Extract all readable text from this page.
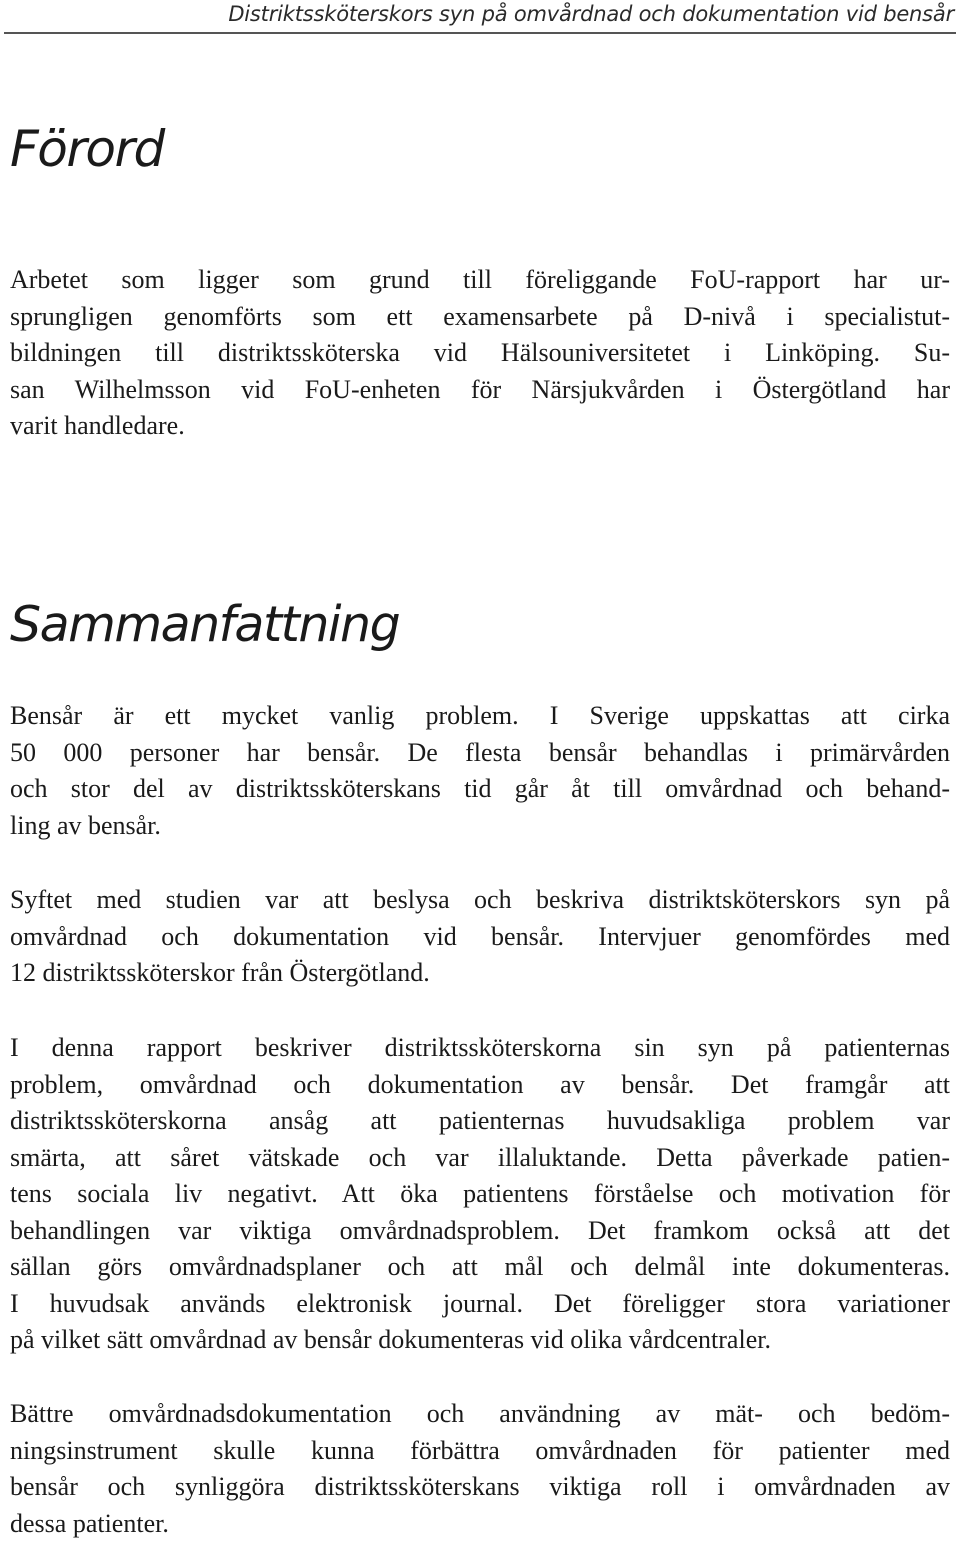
Distriktssköterskors syn på omvårdnad och dokumentation vid bensår
Förord
Arbetet som ligger som grund till föreliggande FoU-rapport har ur-
sprungligen genomförts som ett examensarbete på D-nivå i specialistut-
bildningen till distriktssköterska vid Hälsouniversitetet i Linköping. Su-
san Wilhelmsson vid FoU-enheten för Närsjukvården i Östergötland har
varit handledare.
Sammanfattning
Bensår är ett mycket vanlig problem. I Sverige uppskattas att cirka
50 000 personer har bensår. De flesta bensår behandlas i primärvården
och stor del av distriktssköterskans tid går åt till omvårdnad och behand-
ling av bensår.
Syftet med studien var att beslysa och beskriva distriktsköterskors syn på
omvårdnad och dokumentation vid bensår. Intervjuer genomfördes med
12 distriktssköterskor från Östergötland.
I denna rapport beskriver distriktssköterskorna sin syn på patienternas
problem, omvårdnad och dokumentation av bensår. Det framgår att
distriktssköterskorna ansåg att patienternas huvudsakliga problem var
smärta, att såret vätskade och var illaluktande. Detta påverkade patien-
tens sociala liv negativt. Att öka patientens förståelse och motivation för
behandlingen var viktiga omvårdnadsproblem. Det framkom också att det
sällan görs omvårdnadsplaner och att mål och delmål inte dokumenteras.
I huvudsak används elektronisk journal. Det föreligger stora variationer
på vilket sätt omvårdnad av bensår dokumenteras vid olika vårdcentraler.
Bättre omvårdnadsdokumentation och användning av mät- och bedöm-
ningsinstrument skulle kunna förbättra omvårdnaden för patienter med
bensår och synliggöra distriktssköterskans viktiga roll i omvårdnaden av
dessa patienter.
